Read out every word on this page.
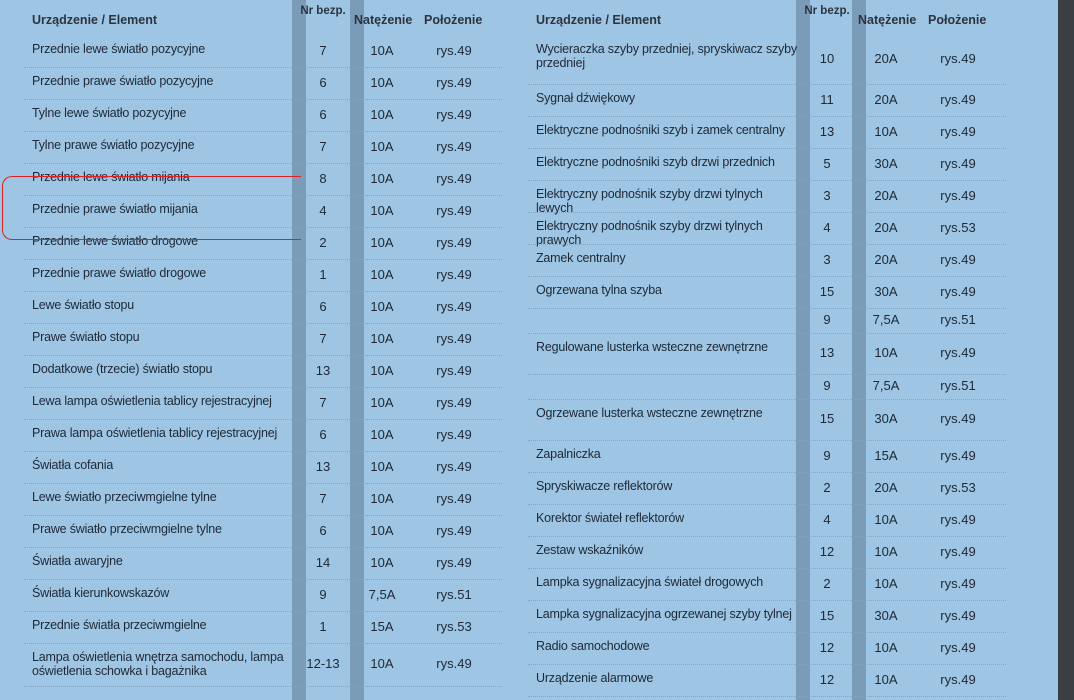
Urządzenie / Element
Nr bezp.
Natężenie Położenie
Przednie lewe światło pozycyjne	7	10A	rys.49
Przednie prawe światło pozycyjne	6	10A	rys.49
Tylne lewe światło pozycyjne	6	10A	rys.49
Tylne prawe światło pozycyjne	7	10A	rys.49
Przednie lewe światło mijania	8	10A	rys.49
Przednie prawe światło mijania	4	10A	rys.49
Przednie lewe światło drogowe	2	10A	rys.49
Przednie prawe światło drogowe	1	10A	rys.49
Lewe światło stopu	6	10A	rys.49
Prawe światło stopu	7	10A	rys.49
Dodatkowe (trzecie) światło stopu	13	10A	rys.49
Lewa lampa oświetlenia tablicy rejestracyjnej	7	10A	rys.49
Prawa lampa oświetlenia tablicy rejestracyjnej	6	10A	rys.49
Światła cofania	13	10A	rys.49
Lewe światło przeciwmgielne tylne	7	10A	rys.49
Prawe światło przeciwmgielne tylne	6	10A	rys.49
Światła awaryjne	14	10A	rys.49
Światła kierunkowskazów	9	7,5A	rys.51
Przednie światła przeciwmgielne	1	15A	rys.53
Lampa oświetlenia wnętrza samochodu, lampa oświetlenia schowka i bagażnika	12-13	10A	rys.49
Urządzenie / Element
Nr bezp.
Natężenie Położenie
Wycieraczka szyby przedniej, spryskiwacz szyby przedniej	10	20A	rys.49
Sygnał dźwiękowy	11	20A	rys.49
Elektryczne podnośniki szyb i zamek centralny	13	10A	rys.49
Elektryczne podnośniki szyb drzwi przednich	5	30A	rys.49
Elektryczny podnośnik szyby drzwi tylnych lewych
3	20A	rys.49
Elektryczny podnośnik szyby drzwi tylnych prawych
4	20A	rys.53
Zamek centralny	3	20A	rys.49
Ogrzewana tylna szyba	15	30A	rys.49
9	7,5A	rys.51
Regulowane lusterka wsteczne zewnętrzne	13	10A	rys.49
9	7,5A	rys.51
Ogrzewane lusterka wsteczne zewnętrzne	15	30A	rys.49
Zapalniczka	9	15A	rys.49
Spryskiwacze reflektorów	2	20A	rys.53
Korektor świateł reflektorów	4	10A	rys.49
Zestaw wskaźników	12	10A	rys.49
Lampka sygnalizacyjna świateł drogowych	2	10A	rys.49
Lampka sygnalizacyjna ogrzewanej szyby tylnej	15	30A	rys.49
Radio samochodowe	12	10A	rys.49
Urządzenie alarmowe	12	10A	rys.49
